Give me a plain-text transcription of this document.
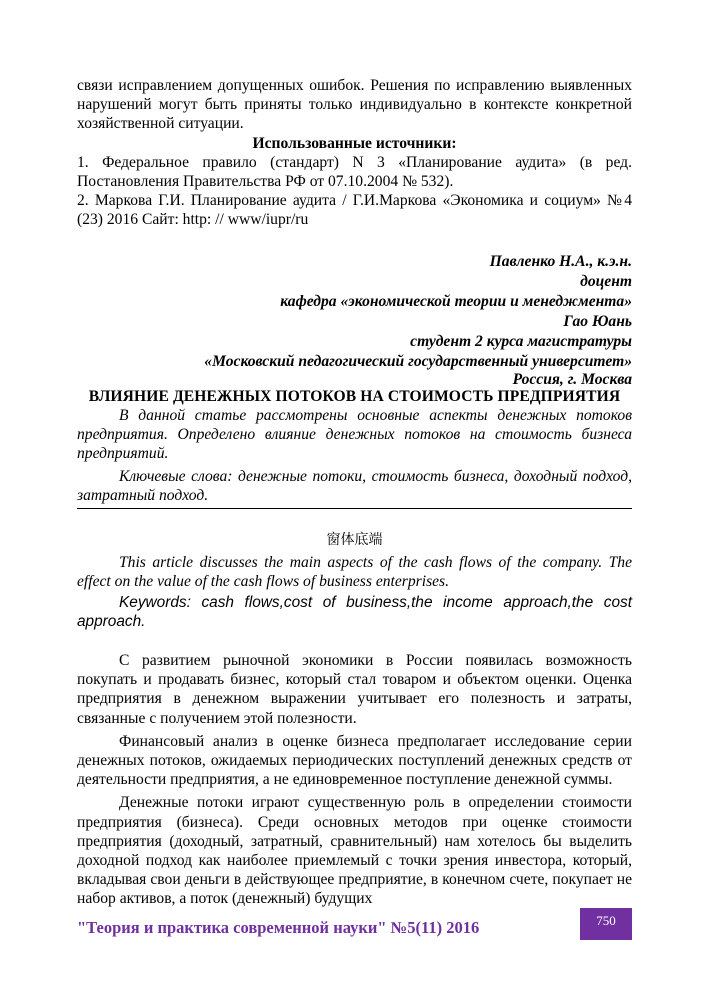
связи исправлением допущенных ошибок. Решения по исправлению выявленных нарушений могут быть приняты только индивидуально в контексте конкретной хозяйственной ситуации.

Использованные источники:

1. Федеральное правило (стандарт) N 3 «Планирование аудита» (в ред. Постановления Правительства РФ от 07.10.2004 № 532).

2. Маркова Г.И. Планирование аудита / Г.И.Маркова «Экономика и социум» №4 (23) 2016 Сайт: http: // www/iupr/ru

Павленко Н.А., к.э.н.

доцент

кафедра «экономической теории и менеджмента»

Гао Юань

студент 2 курса магистратуры

«Московский педагогический государственный университет»

Россия, г. Москва

ВЛИЯНИЕ ДЕНЕЖНЫХ ПОТОКОВ НА СТОИМОСТЬ ПРЕДПРИЯТИЯ

В данной статье рассмотрены основные аспекты денежных потоков предприятия. Определено влияние денежных потоков на стоимость бизнеса предприятий.

Ключевые слова: денежные потоки, стоимость бизнеса, доходный подход, затратный подход.

窗体底端

This article discusses the main aspects of the cash flows of the company. The effect on the value of the cash flows of business enterprises.

Keywords: cash flows,cost of business,the income approach,the cost approach.

С развитием рыночной экономики в России появилась возможность покупать и продавать бизнес, который стал товаром и объектом оценки. Оценка предприятия в денежном выражении учитывает его полезность и затраты, связанные с получением этой полезности.

Финансовый анализ в оценке бизнеса предполагает исследование серии денежных потоков, ожидаемых периодических поступлений денежных средств от деятельности предприятия, а не единовременное поступление денежной суммы.

Денежные потоки играют существенную роль в определении стоимости предприятия (бизнеса). Среди основных методов при оценке стоимости предприятия (доходный, затратный, сравнительный) нам хотелось бы выделить доходной подход как наиболее приемлемый с точки зрения инвестора, который, вкладывая свои деньги в действующее предприятие, в конечном счете, покупает не набор активов, а поток (денежный) будущих

"Теория и практика современной науки" №5(11) 2016	750
